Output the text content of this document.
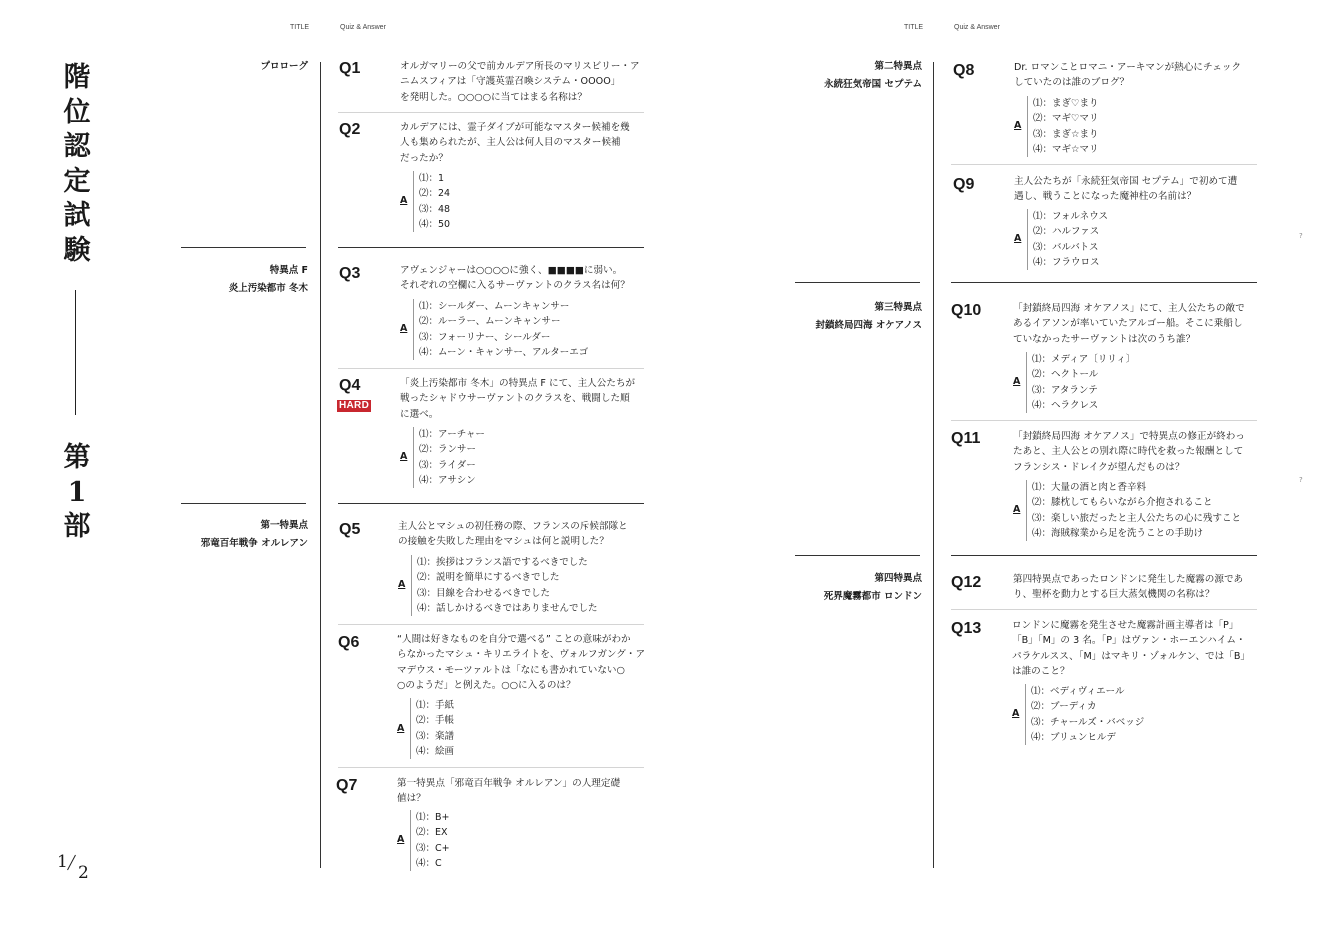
TITLE	Quiz & Answer	TITLE	Quiz & Answer
階
位
認
定
試
験
第
1
部
1
2
プロローグ
特異点 F
炎上汚染都市 冬木
第一特異点
邪竜百年戦争 オルレアン
第二特異点
永続狂気帝国 セプテム
第三特異点
封鎖終局四海 オケアノス
第四特異点
死界魔霧都市 ロンドン
Q1	オルガマリーの父で前カルデア所長のマリスビリー・ア
ニムスフィアは「守護英霊召喚システム・OOOO」
を発明した。○○○○に当てはまる名称は？
Q2	カルデアには、霊子ダイブが可能なマスター候補を幾
人も集められたが、主人公は何人目のマスター候補
だったか？
A
⑴：1
⑵：24
⑶：48
⑷：50
Q3	アヴェンジャーは○○○○に強く、■■■■に弱い。
それぞれの空欄に入るサーヴァントのクラス名は何？
A
⑴：シールダー、ムーンキャンサー
⑵：ルーラー、ムーンキャンサー
⑶：フォーリナー、シールダー
⑷：ムーン・キャンサー、アルターエゴ
Q4
HARD
「炎上汚染都市 冬木」の特異点 F にて、主人公たちが
戦ったシャドウサーヴァントのクラスを、戦闘した順
に選べ。
A
⑴：アーチャー
⑵：ランサー
⑶：ライダー
⑷：アサシン
Q5	主人公とマシュの初任務の際、フランスの斥候部隊と
の接触を失敗した理由をマシュは何と説明した？
A
⑴：挨拶はフランス語でするべきでした
⑵：説明を簡単にするべきでした
⑶：目線を合わせるべきでした
⑷：話しかけるべきではありませんでした
Q6	“人間は好きなものを自分で選べる” ことの意味がわか
らなかったマシュ・キリエライトを、ヴォルフガング・ア
マデウス・モーツァルトは「なにも書かれていない○
○のようだ」と例えた。○○に入るのは？
A
⑴：手紙
⑵：手帳
⑶：楽譜
⑷：絵画
Q7	第一特異点「邪竜百年戦争 オルレアン」の人理定礎
値は？
A
⑴：B+
⑵：EX
⑶：C+
⑷：C
Q8	Dr. ロマンことロマニ・アーキマンが熱心にチェック
していたのは誰のブログ？
A
⑴：まぎ♡まり
⑵：マギ♡マリ
⑶：まぎ☆まり
⑷：マギ☆マリ
Q9	主人公たちが「永続狂気帝国 セプテム」で初めて遭
遇し、戦うことになった魔神柱の名前は？
A
⑴：フォルネウス
⑵：ハルファス
⑶：バルバトス
⑷：フラウロス
Q10	「封鎖終局四海 オケアノス」にて、主人公たちの敵で
あるイアソンが率いていたアルゴー船。そこに乗船し
ていなかったサーヴァントは次のうち誰？
A
⑴：メディア〔リリィ〕
⑵：ヘクトール
⑶：アタランテ
⑷：ヘラクレス
Q11	「封鎖終局四海 オケアノス」で特異点の修正が終わっ
たあと、主人公との別れ際に時代を救った報酬として
フランシス・ドレイクが望んだものは？
A
⑴：大量の酒と肉と香辛料
⑵：膝枕してもらいながら介抱されること
⑶：楽しい旅だったと主人公たちの心に残すこと
⑷：海賊稼業から足を洗うことの手助け
Q12	第四特異点であったロンドンに発生した魔霧の源であ
り、聖杯を動力とする巨大蒸気機関の名称は？
Q13	ロンドンに魔霧を発生させた魔霧計画主導者は「P」
「B」「M」の 3 名。「P」はヴァン・ホーエンハイム・
パラケルスス、「M」はマキリ・ゾォルケン、では「B」
は誰のこと？
A
⑴：ベディヴィエール
⑵：ブーディカ
⑶：チャールズ・バベッジ
⑷：ブリュンヒルデ
?
?
